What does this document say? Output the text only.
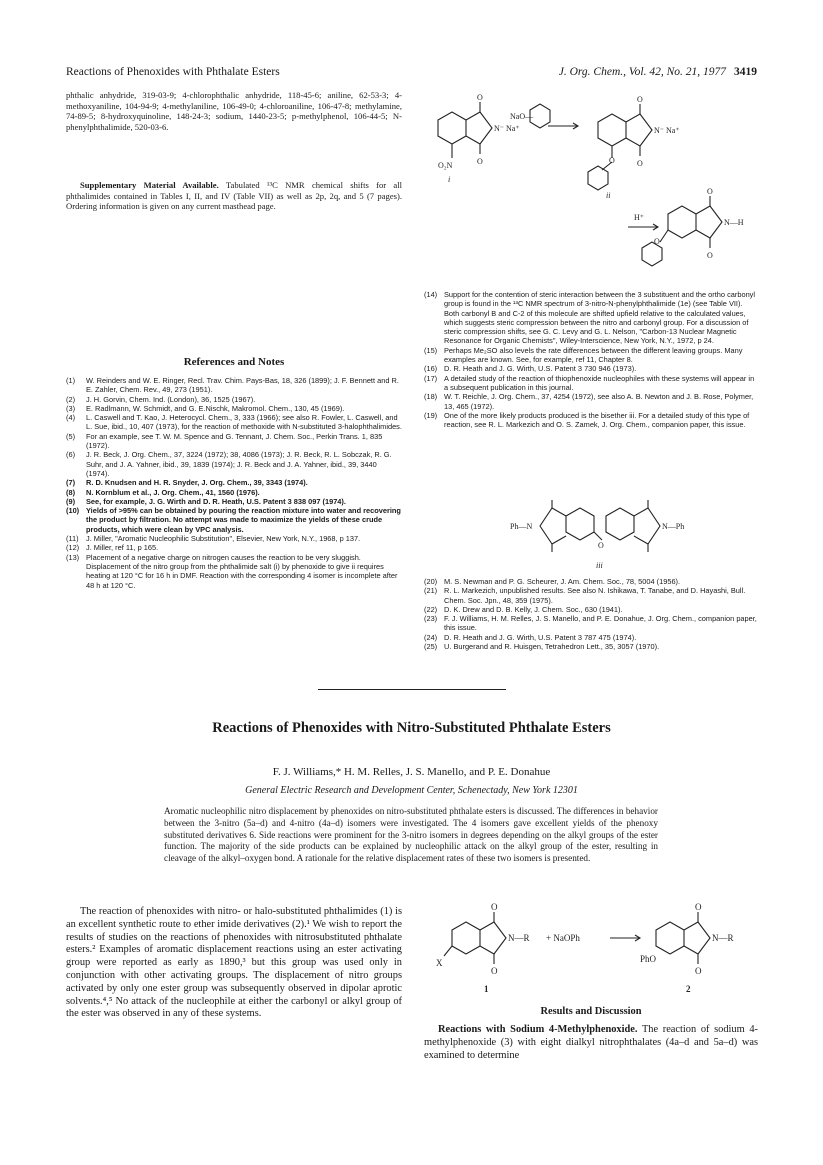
Reactions of Phenoxides with Phthalate Esters	J. Org. Chem., Vol. 42, No. 21, 1977 3419
phthalic anhydride, 319-03-9; 4-chlorophthalic anhydride, 118-45-6; aniline, 62-53-3; 4-methoxyaniline, 104-94-9; 4-methylaniline, 106-49-0; 4-chloroaniline, 106-47-8; methylamine, 74-89-5; 8-hydroxyquinoline, 148-24-3; sodium, 1440-23-5; p-methylphenol, 106-44-5; N-phenylphthalimide, 520-03-6.
Supplementary Material Available. Tabulated ¹³C NMR chemical shifts for all phthalimides contained in Tables I, II, and IV (Table VII) as well as 2p, 2q, and 5 (7 pages). Ordering information is given on any current masthead page.
O
O
N⁻ Na⁺
O₂N
i
NaO—
O
O
N⁻ Na⁺
O
ii
H⁺
O
O
N—H
O
References and Notes
(1)	W. Reinders and W. E. Ringer, Recl. Trav. Chim. Pays-Bas, 18, 326 (1899); J. F. Bennett and R. E. Zahler, Chem. Rev., 49, 273 (1951).
(2)	J. H. Gorvin, Chem. Ind. (London), 36, 1525 (1967).
(3)	E. Radlmann, W. Schmidt, and G. E.Nischk, Makromol. Chem., 130, 45 (1969).
(4)	L. Caswell and T. Kao, J. Heterocycl. Chem., 3, 333 (1966); see also R. Fowler, L. Caswell, and L. Sue, ibid., 10, 407 (1973), for the reaction of methoxide with N-substituted 3-halophthalimides.
(5)	For an example, see T. W. M. Spence and G. Tennant, J. Chem. Soc., Perkin Trans. 1, 835 (1972).
(6)	J. R. Beck, J. Org. Chem., 37, 3224 (1972); 38, 4086 (1973); J. R. Beck, R. L. Sobczak, R. G. Suhr, and J. A. Yahner, ibid., 39, 1839 (1974); J. R. Beck and J. A. Yahner, ibid., 39, 3440 (1974).
(7)	R. D. Knudsen and H. R. Snyder, J. Org. Chem., 39, 3343 (1974).
(8)	N. Kornblum et al., J. Org. Chem., 41, 1560 (1976).
(9)	See, for example, J. G. Wirth and D. R. Heath, U.S. Patent 3 838 097 (1974).
(10) Yields of >95% can be obtained by pouring the reaction mixture into water and recovering the product by filtration. No attempt was made to maximize the yields of these crude products, which were clean by VPC analysis.
(11)	J. Miller, "Aromatic Nucleophilic Substitution", Elsevier, New York, N.Y., 1968, p 137.
(12) J. Miller, ref 11, p 165.
(13) Placement of a negative charge on nitrogen causes the reaction to be very sluggish. Displacement of the nitro group from the phthalimide salt (i) by phenoxide to give ii requires heating at 120 °C for 16 h in DMF. Reaction with the corresponding 4 isomer is incomplete after 48 h at 120 °C.
(14) Support for the contention of steric interaction between the 3 substituent and the ortho carbonyl group is found in the ¹³C NMR spectrum of 3-nitro-N-phenylphthalimide (1e) (see Table VII). Both carbonyl B and C-2 of this molecule are shifted upfield relative to the calculated values, which suggests steric compression between the nitro and carbonyl group. For a discussion of steric compression shifts, see G. C. Levy and G. L. Nelson, "Carbon-13 Nuclear Magnetic Resonance for Organic Chemists", Wiley-Interscience, New York, N.Y., 1972, p 24.
(15) Perhaps Me₂SO also levels the rate differences between the different leaving groups. Many examples are known. See, for example, ref 11, Chapter 8.
(16) D. R. Heath and J. G. Wirth, U.S. Patent 3 730 946 (1973).
(17) A detailed study of the reaction of thiophenoxide nucleophiles with these systems will appear in a subsequent publication in this journal.
(18) W. T. Reichle, J. Org. Chem., 37, 4254 (1972), see also A. B. Newton and J. B. Rose, Polymer, 13, 465 (1972).
(19) One of the more likely products produced is the bisether iii. For a detailed study of this type of reaction, see R. L. Markezich and O. S. Zamek, J. Org. Chem., companion paper, this issue.
Ph—N	N—Ph
O
iii
(20) M. S. Newman and P. G. Scheurer, J. Am. Chem. Soc., 78, 5004 (1956).
(21) R. L. Markezich, unpublished results. See also N. Ishikawa, T. Tanabe, and D. Hayashi, Bull. Chem. Soc. Jpn., 48, 359 (1975).
(22) D. K. Drew and D. B. Kelly, J. Chem. Soc., 630 (1941).
(23) F. J. Williams, H. M. Relles, J. S. Manello, and P. E. Donahue, J. Org. Chem., companion paper, this issue.
(24) D. R. Heath and J. G. Wirth, U.S. Patent 3 787 475 (1974).
(25) U. Burgerand and R. Huisgen, Tetrahedron Lett., 35, 3057 (1970).
Reactions of Phenoxides with Nitro-Substituted Phthalate Esters
F. J. Williams,* H. M. Relles, J. S. Manello, and P. E. Donahue
General Electric Research and Development Center, Schenectady, New York 12301
Aromatic nucleophilic nitro displacement by phenoxides on nitro-substituted phthalate esters is discussed. The differences in behavior between the 3-nitro (5a–d) and 4-nitro (4a–d) isomers were investigated. The 4 isomers gave excellent yields of the phenoxy substituted derivatives 6. Side reactions were prominent for the 3-nitro isomers in degrees depending on the alkyl groups of the ester function. The majority of the side products can be explained by nucleophilic attack on the alkyl group of the ester, resulting in cleavage of the alkyl–oxygen bond. A rationale for the relative displacement rates of these two isomers is presented.
The reaction of phenoxides with nitro- or halo-substituted phthalimides (1) is an excellent synthetic route to ether imide derivatives (2).¹ We wish to report the results of studies on the reactions of phenoxides with nitrosubstituted phthalate esters.² Examples of aromatic displacement reactions using an ester activating group were reported as early as 1890,³ but this group was used only in conjunction with other activating groups. The displacement of nitro groups activated by only one ester group was subsequently observed in dipolar aprotic solvents.⁴,⁵ No attack of the nucleophile at either the carbonyl or alkyl group of the ester was observed in any of these systems.
O
O
N—R
X
+ NaOPh
O
O
N—R
PhO
1	2
Results and Discussion
Reactions with Sodium 4-Methylphenoxide. The reaction of sodium 4-methylphenoxide (3) with eight dialkyl nitrophthalates (4a–d and 5a–d) was examined to determine
